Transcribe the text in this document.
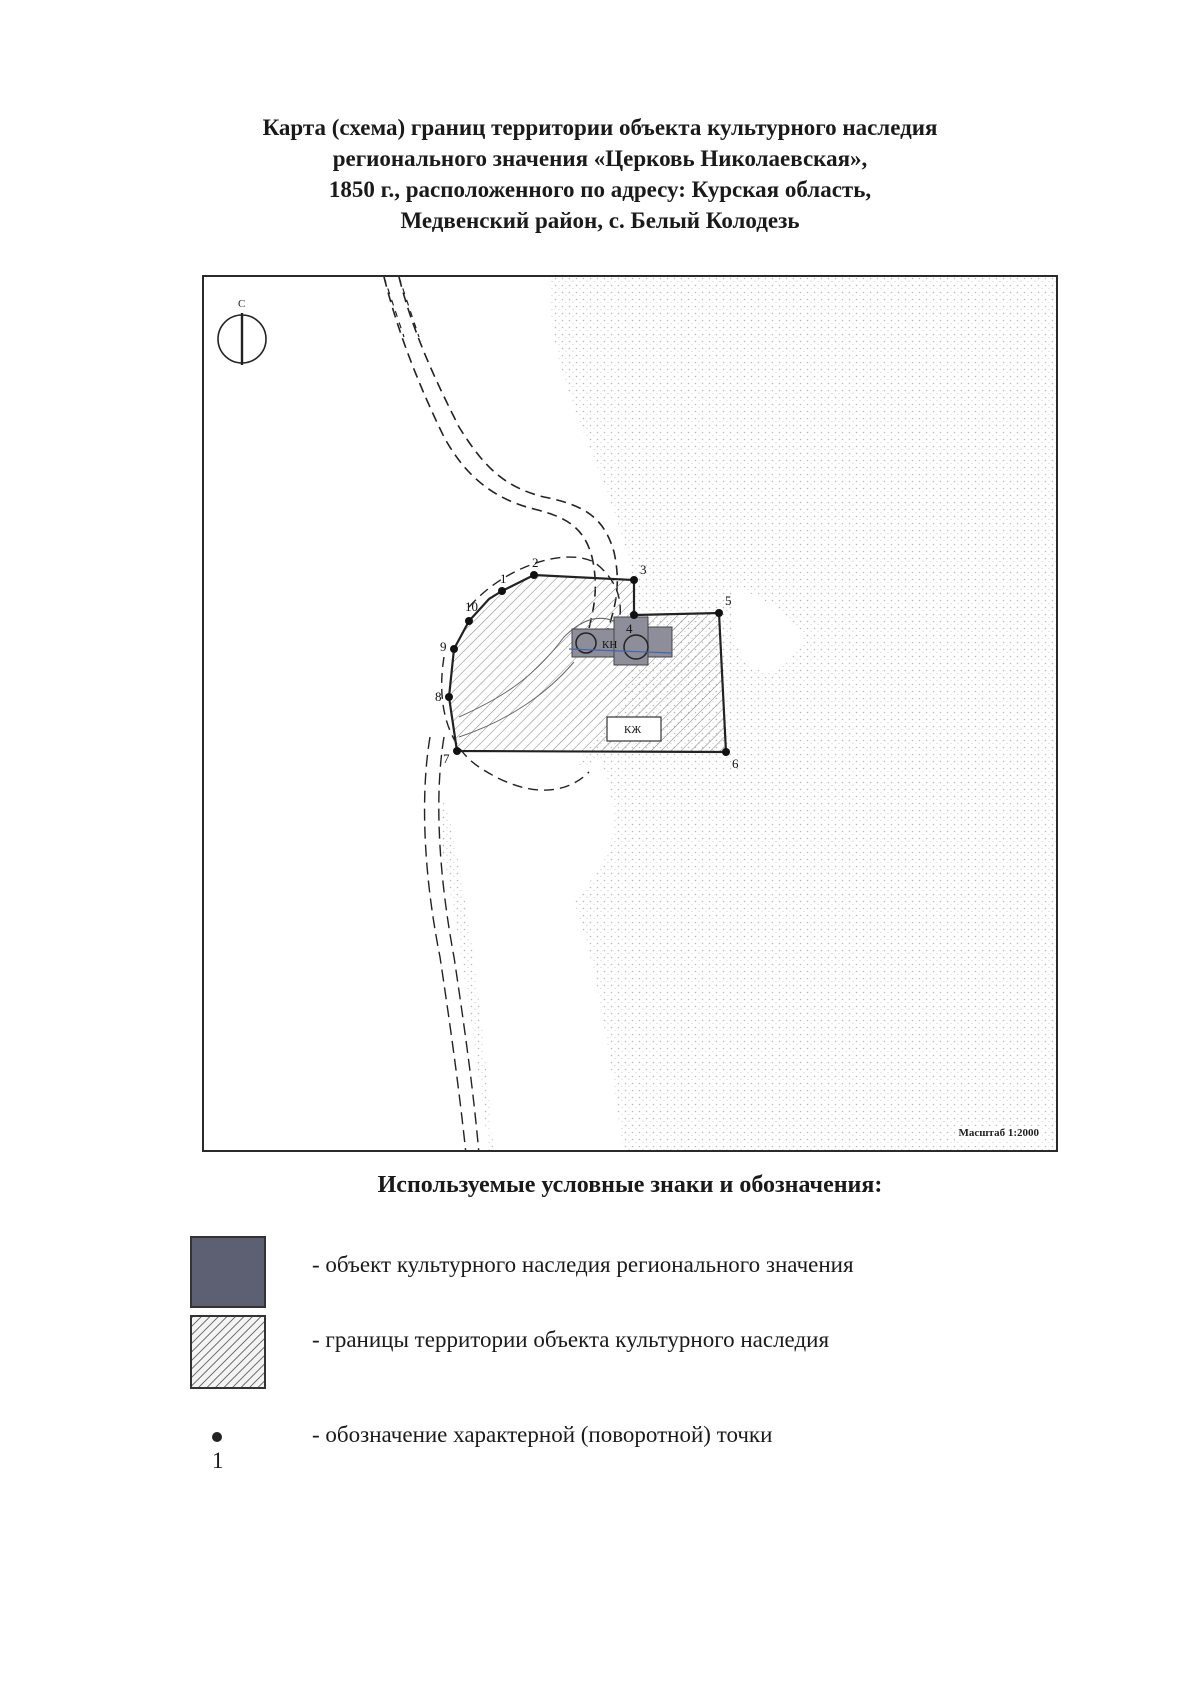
Карта (схема) границ территории объекта культурного наследия
регионального значения «Церковь Николаевская»,
1850 г., расположенного по адресу: Курская область,
Медвенский район, с. Белый Колодезь
КН
КЖ
1
2	3
4
5
6
7
8
9
10
С
Масштаб 1:2000
Используемые условные знаки и обозначения:
- объект культурного наследия регионального значения
- границы территории объекта культурного наследия
1
- обозначение характерной (поворотной) точки
